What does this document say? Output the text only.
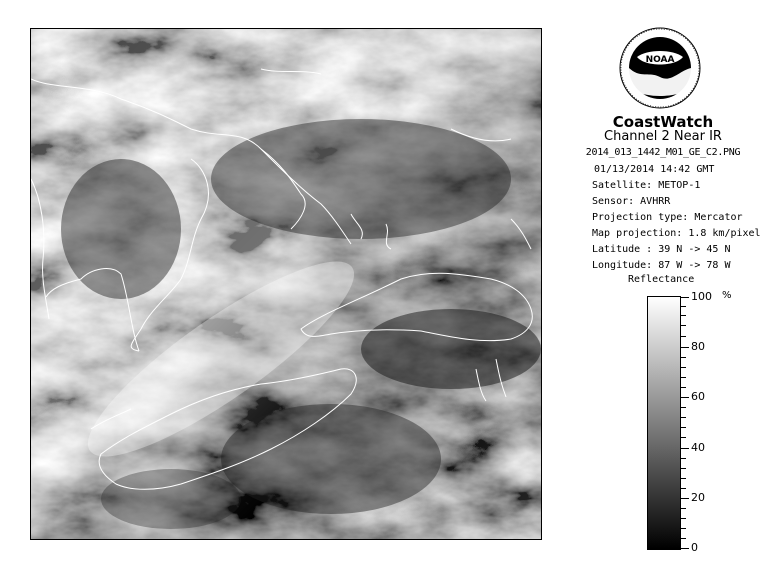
NOAA
CoastWatch
Channel 2 Near IR
2014_013_1442_M01_GE_C2.PNG
01/13/2014 14:42 GMT
Satellite: METOP-1
Sensor: AVHRR
Projection type: Mercator
Map projection: 1.8 km/pixel
Latitude : 39 N -> 45 N
Longitude: 87 W -> 78 W
Reflectance
%
100
80
60
40
20
0
